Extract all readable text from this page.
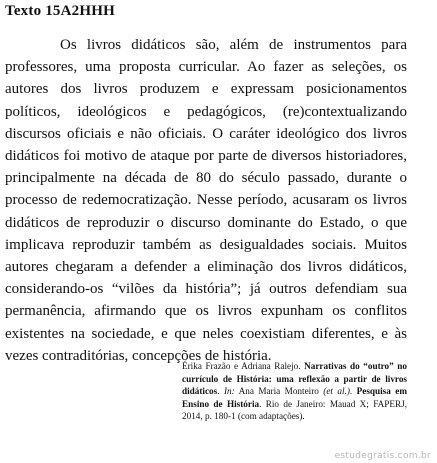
Texto 15A2HHH

Os livros didáticos são, além de instrumentos para professores, uma proposta curricular. Ao fazer as seleções, os autores dos livros produzem e expressam posicionamentos políticos, ideológicos e pedagógicos, (re)contextualizando discursos oficiais e não oficiais. O caráter ideológico dos livros didáticos foi motivo de ataque por parte de diversos historiadores, principalmente na década de 80 do século passado, durante o processo de redemocratização. Nesse período, acusaram os livros didáticos de reproduzir o discurso dominante do Estado, o que implicava reproduzir também as desigualdades sociais. Muitos autores chegaram a defender a eliminação dos livros didáticos, considerando-os “vilões da história”; já outros defendiam sua permanência, afirmando que os livros expunham os conflitos existentes na sociedade, e que neles coexistiam diferentes, e às vezes contraditórias, concepções de história.

Érika Frazão e Adriana Ralejo. Narrativas do “outro” no currículo de História: uma reflexão a partir de livros didáticos. In: Ana Maria Monteiro (et al.). Pesquisa em Ensino de História. Rio de Janeiro: Mauad X; FAPERJ, 2014, p. 180-1 (com adaptações).

estudegratis.com.br
